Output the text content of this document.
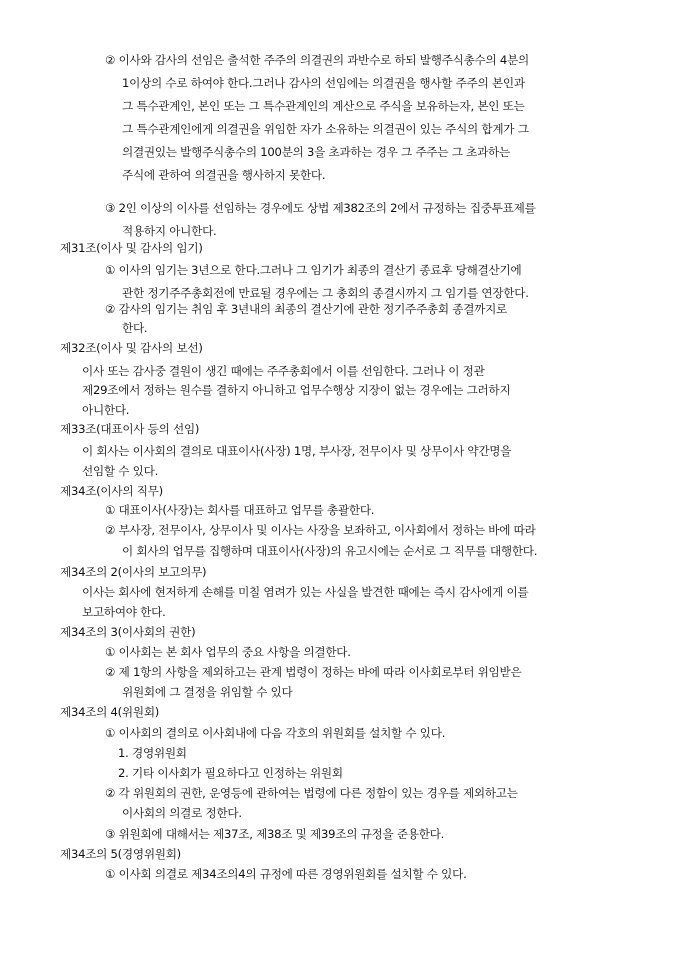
② 이사와 감사의 선임은 출석한 주주의 의결권의 과반수로 하되 발행주식총수의 4분의
1이상의 수로 하여야 한다.그러나 감사의 선임에는 의결권을 행사할 주주의 본인과
그 특수관계인, 본인 또는 그 특수관계인의 계산으로 주식을 보유하는자, 본인 또는
그 특수관계인에게 의결권을 위임한 자가 소유하는 의결권이 있는 주식의 합계가 그
의결권있는 발행주식총수의 100분의 3을 초과하는 경우 그 주주는 그 초과하는
주식에 관하여 의결권을 행사하지 못한다.
③ 2인 이상의 이사를 선임하는 경우에도 상법 제382조의 2에서 규정하는 집중투표제를
적용하지 아니한다.
제31조(이사 및 감사의 임기)
① 이사의 임기는 3년으로 한다.그러나 그 임기가 최종의 결산기 종료후 당해결산기에
관한 정기주주총회전에 만료될 경우에는 그 총회의 종결시까지 그 임기를 연장한다.
② 감사의 임기는 취임 후 3년내의 최종의 결산기에 관한 정기주주총회 종결까지로
한다.
제32조(이사 및 감사의 보선)
이사 또는 감사중 결원이 생긴 때에는 주주총회에서 이를 선임한다. 그러나 이 정관
제29조에서 정하는 원수를 결하지 아니하고 업무수행상 지장이 없는 경우에는 그러하지
아니한다.
제33조(대표이사 등의 선임)
이 회사는 이사회의 결의로 대표이사(사장) 1명, 부사장, 전무이사 및 상무이사 약간명을
선임할 수 있다.
제34조(이사의 직무)
① 대표이사(사장)는 회사를 대표하고 업무를 총괄한다.
② 부사장, 전무이사, 상무이사 및 이사는 사장을 보좌하고, 이사회에서 정하는 바에 따라
이 회사의 업무를 집행하며 대표이사(사장)의 유고시에는 순서로 그 직무를 대행한다.
제34조의 2(이사의 보고의무)
이사는 회사에 현저하게 손해를 미칠 염려가 있는 사실을 발견한 때에는 즉시 감사에게 이를
보고하여야 한다.
제34조의 3(이사회의 권한)
① 이사회는 본 회사 업무의 중요 사항을 의결한다.
② 제 1항의 사항을 제외하고는 관계 법령이 정하는 바에 따라 이사회로부터 위임받은
위원회에 그 결정을 위임할 수 있다
제34조의 4(위원회)
① 이사회의 결의로 이사회내에 다음 각호의 위원회를 설치할 수 있다.
1. 경영위원회
2. 기타 이사회가 필요하다고 인정하는 위원회
② 각 위원회의 권한, 운영등에 관하여는 법령에 다른 정함이 있는 경우를 제외하고는
이사회의 의결로 정한다.
③ 위원회에 대해서는 제37조, 제38조 및 제39조의 규정을 준용한다.
제34조의 5(경영위원회)
① 이사회 의결로 제34조의4의 규정에 따른 경영위원회를 설치할 수 있다.
